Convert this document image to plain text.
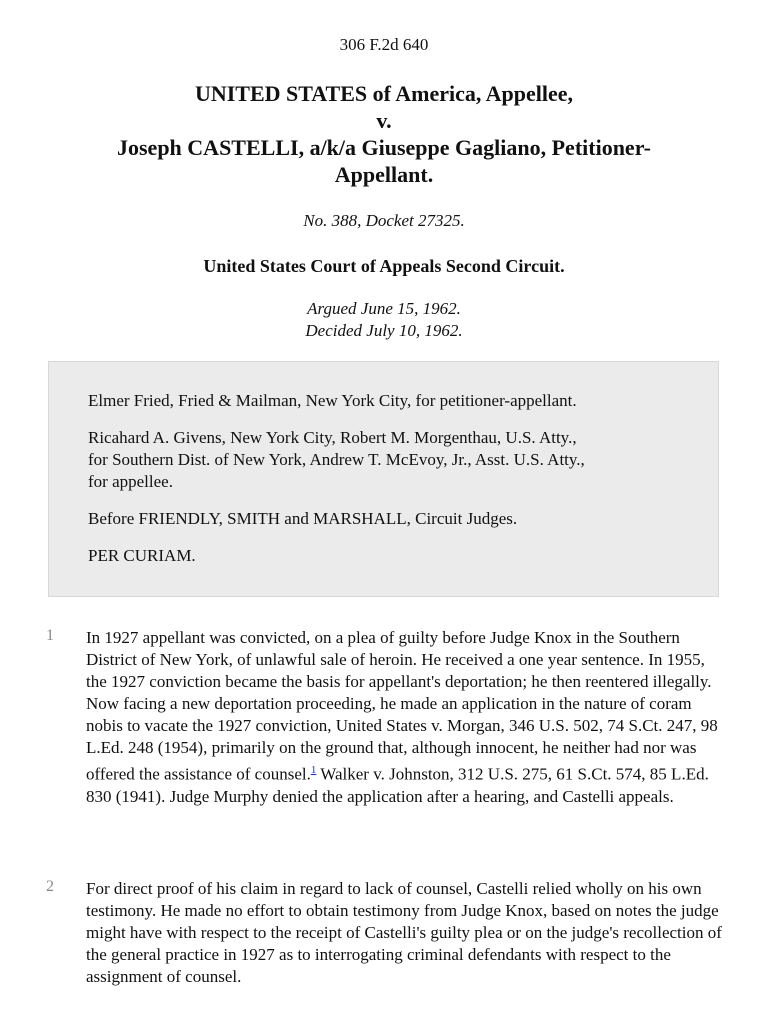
306 F.2d 640
UNITED STATES of America, Appellee,
v.
Joseph CASTELLI, a/k/a Giuseppe Gagliano, Petitioner-
Appellant.
No. 388, Docket 27325.
United States Court of Appeals Second Circuit.
Argued June 15, 1962.
Decided July 10, 1962.

Elmer Fried, Fried & Mailman, New York City, for petitioner-appellant.

Ricahard A. Givens, New York City, Robert M. Morgenthau, U.S. Atty.,
for Southern Dist. of New York, Andrew T. McEvoy, Jr., Asst. U.S. Atty.,
for appellee.

Before FRIENDLY, SMITH and MARSHALL, Circuit Judges.

PER CURIAM.

1 In 1927 appellant was convicted, on a plea of guilty before Judge Knox in the Southern District of New York, of unlawful sale of heroin. He received a one year sentence. In 1955, the 1927 conviction became the basis for appellant's deportation; he then reentered illegally. Now facing a new deportation proceeding, he made an application in the nature of coram nobis to vacate the 1927 conviction, United States v. Morgan, 346 U.S. 502, 74 S.Ct. 247, 98 L.Ed. 248 (1954), primarily on the ground that, although innocent, he neither had nor was offered the assistance of counsel.$^1$ Walker v. Johnston, 312 U.S. 275, 61 S.Ct. 574, 85 L.Ed. 830 (1941). Judge Murphy denied the application after a hearing, and Castelli appeals.
2 For direct proof of his claim in regard to lack of counsel, Castelli relied wholly on his own testimony. He made no effort to obtain testimony from Judge Knox, based on notes the judge might have with respect to the receipt of Castelli's guilty plea or on the judge's recollection of the general practice in 1927 as to interrogating criminal defendants with respect to the assignment of counsel.
